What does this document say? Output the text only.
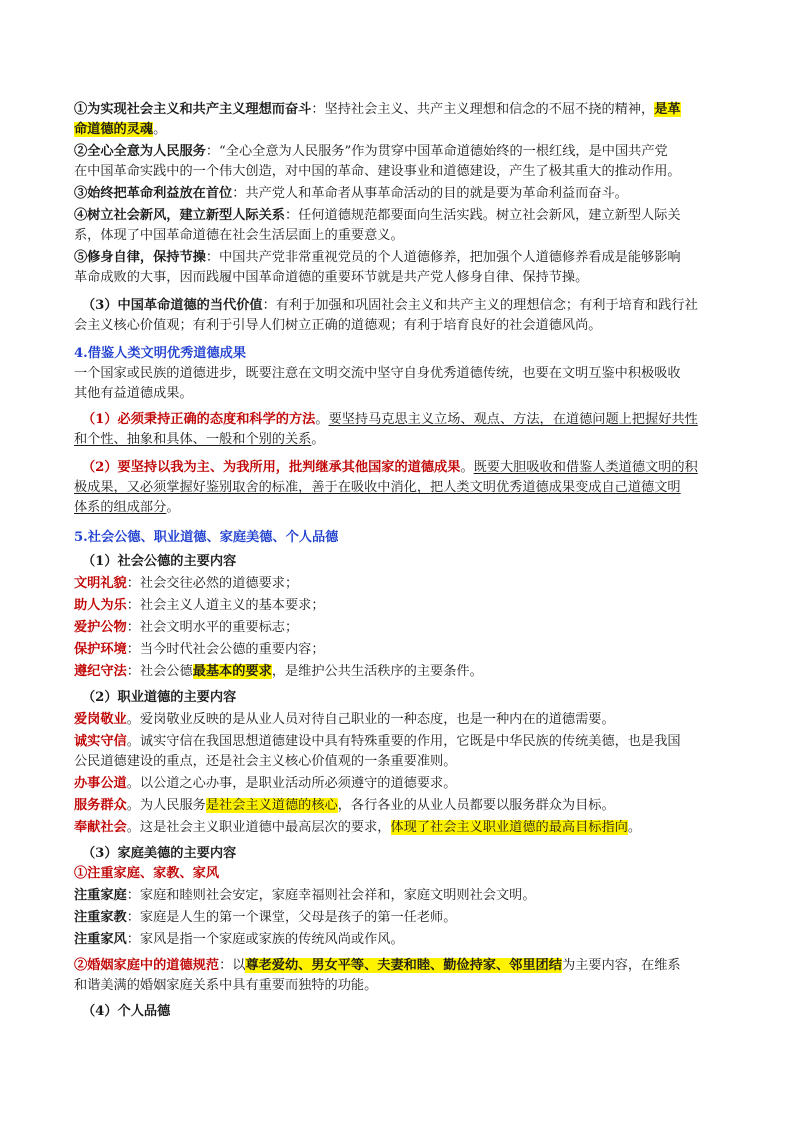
①为实现社会主义和共产主义理想而奋斗：坚持社会主义、共产主义理想和信念的不屈不挠的精神，是革
命道德的灵魂。
②全心全意为人民服务：“全心全意为人民服务”作为贯穿中国革命道德始终的一根红线，是中国共产党
在中国革命实践中的一个伟大创造，对中国的革命、建设事业和道德建设，产生了极其重大的推动作用。
③始终把革命利益放在首位：共产党人和革命者从事革命活动的目的就是要为革命利益而奋斗。
④树立社会新风，建立新型人际关系：任何道德规范都要面向生活实践。树立社会新风，建立新型人际关
系，体现了中国革命道德在社会生活层面上的重要意义。
⑤修身自律，保持节操：中国共产党非常重视党员的个人道德修养，把加强个人道德修养看成是能够影响
革命成败的大事，因而践履中国革命道德的重要环节就是共产党人修身自律、保持节操。
（3）中国革命道德的当代价值：有利于加强和巩固社会主义和共产主义的理想信念；有利于培育和践行社
会主义核心价值观；有利于引导人们树立正确的道德观；有利于培育良好的社会道德风尚。
4.借鉴人类文明优秀道德成果
一个国家或民族的道德进步，既要注意在文明交流中坚守自身优秀道德传统，也要在文明互鉴中积极吸收
其他有益道德成果。
（1）必须秉持正确的态度和科学的方法。要坚持马克思主义立场、观点、方法，在道德问题上把握好共性
和个性、抽象和具体、一般和个别的关系。
（2）要坚持以我为主、为我所用，批判继承其他国家的道德成果。既要大胆吸收和借鉴人类道德文明的积
极成果，又必须掌握好鉴别取舍的标准，善于在吸收中消化，把人类文明优秀道德成果变成自己道德文明
体系的组成部分。
5.社会公德、职业道德、家庭美德、个人品德
（1）社会公德的主要内容
文明礼貌：社会交往必然的道德要求；
助人为乐：社会主义人道主义的基本要求；
爱护公物：社会文明水平的重要标志；
保护环境：当今时代社会公德的重要内容；
遵纪守法：社会公德最基本的要求，是维护公共生活秩序的主要条件。
（2）职业道德的主要内容
爱岗敬业。爱岗敬业反映的是从业人员对待自己职业的一种态度，也是一种内在的道德需要。
诚实守信。诚实守信在我国思想道德建设中具有特殊重要的作用，它既是中华民族的传统美德，也是我国
公民道德建设的重点，还是社会主义核心价值观的一条重要准则。
办事公道。以公道之心办事，是职业活动所必须遵守的道德要求。
服务群众。为人民服务是社会主义道德的核心，各行各业的从业人员都要以服务群众为目标。
奉献社会。这是社会主义职业道德中最高层次的要求，体现了社会主义职业道德的最高目标指向。
（3）家庭美德的主要内容
①注重家庭、家教、家风
注重家庭：家庭和睦则社会安定，家庭幸福则社会祥和，家庭文明则社会文明。
注重家教：家庭是人生的第一个课堂，父母是孩子的第一任老师。
注重家风：家风是指一个家庭或家族的传统风尚或作风。
②婚姻家庭中的道德规范：以尊老爱幼、男女平等、夫妻和睦、勤俭持家、邻里团结为主要内容，在维系
和谐美满的婚姻家庭关系中具有重要而独特的功能。
（4）个人品德
